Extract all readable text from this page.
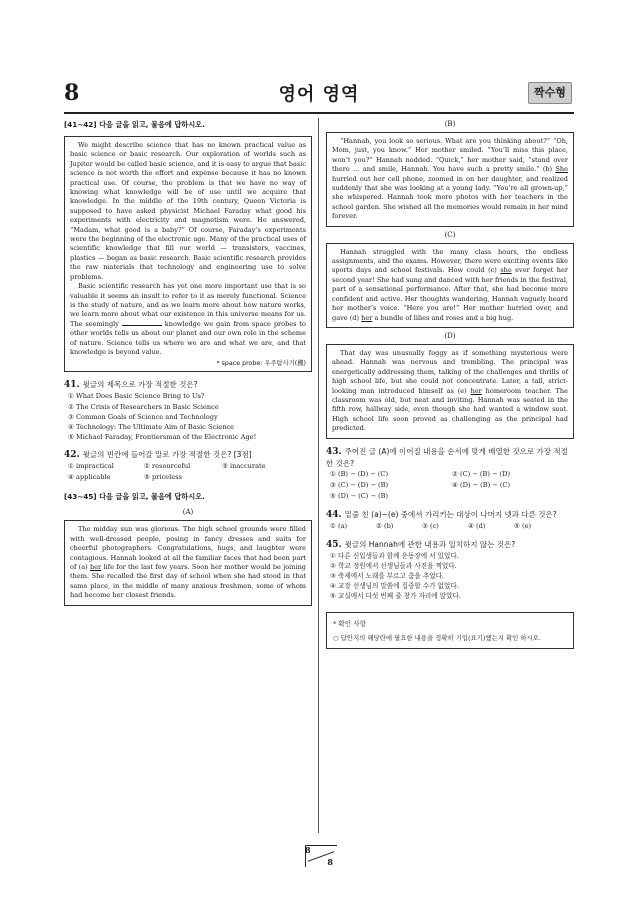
8	영어 영역	짝수형
[41~42] 다음 글을 읽고, 물음에 답하시오.

We might describe science that has no known practical value as basic science or basic research. Our exploration of worlds such as Jupiter would be called basic science, and it is easy to argue that basic science is not worth the effort and expense because it has no known practical use. Of course, the problem is that we have no way of knowing what knowledge will be of use until we acquire that knowledge. In the middle of the 19th century, Queen Victoria is supposed to have asked physicist Michael Faraday what good his experiments with electricity and magnetism were. He answered, “Madam, what good is a baby?” Of course, Faraday’s experiments were the beginning of the electronic age. Many of the practical uses of scientific knowledge that fill our world — transistors, vaccines, plastics — began as basic research. Basic scientific research provides the raw materials that technology and engineering use to solve problems.

Basic scientific research has yet one more important use that is so valuable it seems an insult to refer to it as merely functional. Science is the study of nature, and as we learn more about how nature works, we learn more about what our existence in this universe means for us. The seemingly	knowledge we gain from space probes to other worlds tells us about our planet and our own role in the scheme of nature. Science tells us where we are and what we are, and that knowledge is beyond value.

* space probe: 우주탐사기(機)
41. 윗글의 제목으로 가장 적절한 것은?
① What Does Basic Science Bring to Us?
② The Crisis of Researchers in Basic Science
③ Common Goals of Science and Technology
④ Technology: The Ultimate Aim of Basic Science
⑤ Michael Faraday, Frontiersman of the Electronic Age!
42. 윗글의 빈칸에 들어갈 말로 가장 적절한 것은? [3점]
① impractical	② resourceful	③ inaccurate
④ applicable	⑤ priceless
[43~45] 다음 글을 읽고, 물음에 답하시오.
(A)

The midday sun was glorious. The high school grounds were filled with well-dressed people, posing in fancy dresses and suits for cheerful photographers. Congratulations, hugs, and laughter were contagious. Hannah looked at all the familiar faces that had been part of (a) her life for the last few years. Soon her mother would be joining them. She recalled the first day of school when she had stood in that same place, in the middle of many anxious freshmen, some of whom had become her closest friends.

(B)

“Hannah, you look so serious. What are you thinking about?” “Oh, Mom, just, you know.” Her mother smiled. “You’ll miss this place, won’t you?” Hannah nodded. “Quick,” her mother said, “stand over there … and smile, Hannah. You have such a pretty smile.” (b) She hurried out her cell phone, zoomed in on her daughter, and realized suddenly that she was looking at a young lady. “You’re all grown-up,” she whispered. Hannah took more photos with her teachers in the school garden. She wished all the memories would remain in her mind forever.

(C)

Hannah struggled with the many class hours, the endless assignments, and the exams. However, there were exciting events like sports days and school festivals. How could (c) she ever forget her second year! She had sung and danced with her friends in the festival, part of a sensational performance. After that, she had become more confident and active. Her thoughts wandering, Hannah vaguely heard her mother’s voice. “Here you are!” Her mother hurried over, and gave (d) her a bundle of lilies and roses and a big hug.

(D)

That day was unusually foggy as if something mysterious were ahead. Hannah was nervous and trembling. The principal was energetically addressing them, talking of the challenges and thrills of high school life, but she could not concentrate. Later, a tall, strict-looking man introduced himself as (e) her homeroom teacher. The classroom was old, but neat and inviting. Hannah was seated in the fifth row, hallway side, even though she had wanted a window seat. High school life soon proved as challenging as the principal had predicted.

43. 주어진 글 (A)에 이어질 내용을 순서에 맞게 배열한 것으로 가장 적절한 것은?
① (B) − (D) − (C)	② (C) − (B) − (D)
③ (C) − (D) − (B)	④ (D) − (B) − (C)
⑤ (D) − (C) − (B)
44. 밑줄 친 (a)~(e) 중에서 가리키는 대상이 나머지 넷과 다른 것은?
① (a)	② (b)	③ (c)	④ (d)	⑤ (e)
45. 윗글의 Hannah에 관한 내용과 일치하지 않는 것은?
① 다른 신입생들과 함께 운동장에 서 있었다.
② 학교 정원에서 선생님들과 사진을 찍었다.
③ 축제에서 노래를 부르고 춤을 추었다.
④ 교장 선생님의 말씀에 집중할 수가 없었다.
⑤ 교실에서 다섯 번째 줄 창가 자리에 앉았다.
* 확인 사항
○ 답안지의 해당란에 필요한 내용을 정확히 기입(표기)했는지 확인 하시오.
8
8
